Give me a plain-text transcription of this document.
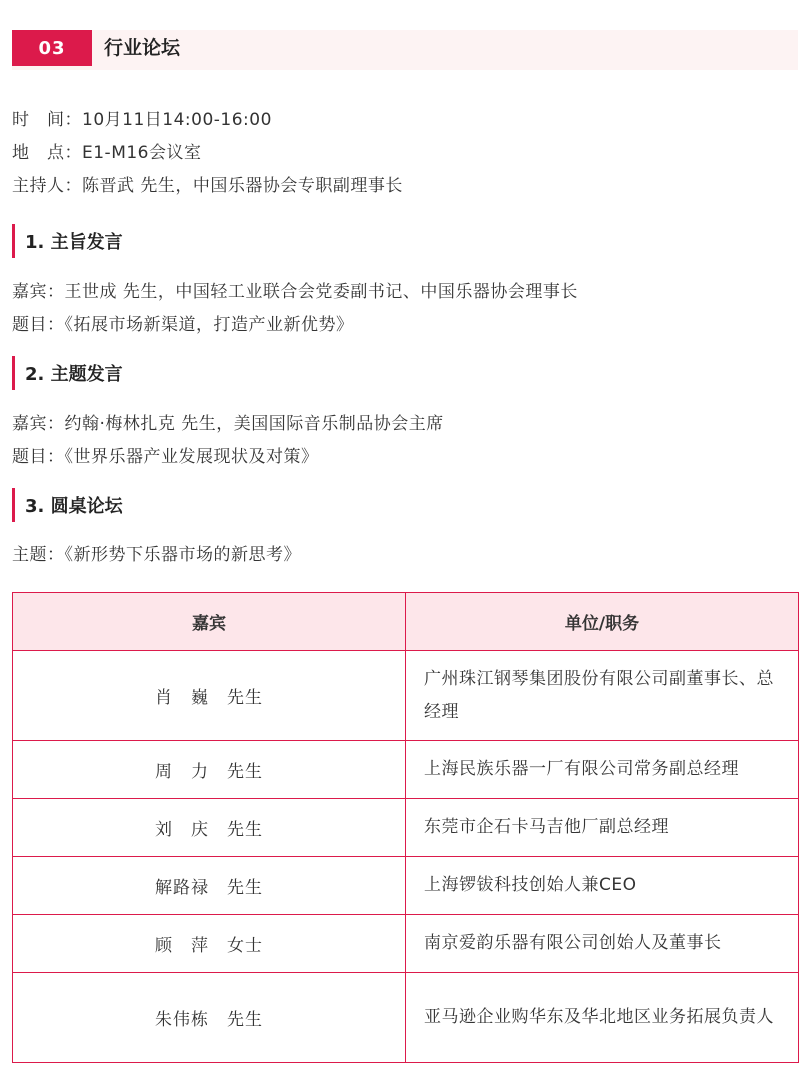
03	行业论坛
时　间：10月11日14:00-16:00
地　点：E1-M16会议室
主持人：陈晋武 先生，中国乐器协会专职副理事长
1. 主旨发言
嘉宾：王世成 先生，中国轻工业联合会党委副书记、中国乐器协会理事长
题目：《拓展市场新渠道，打造产业新优势》
2. 主题发言
嘉宾：约翰·梅林扎克 先生，美国国际音乐制品协会主席
题目：《世界乐器产业发展现状及对策》
3. 圆桌论坛
主题：《新形势下乐器市场的新思考》
嘉宾	单位/职务
肖　巍　先生	广州珠江钢琴集团股份有限公司副董事长、总经理
周　力　先生	上海民族乐器一厂有限公司常务副总经理
刘　庆　先生	东莞市企石卡马吉他厂副总经理
解路禄　先生	上海锣钹科技创始人兼CEO
顾　萍　女士	南京爱韵乐器有限公司创始人及董事长
朱伟栋　先生	亚马逊企业购华东及华北地区业务拓展负责人
